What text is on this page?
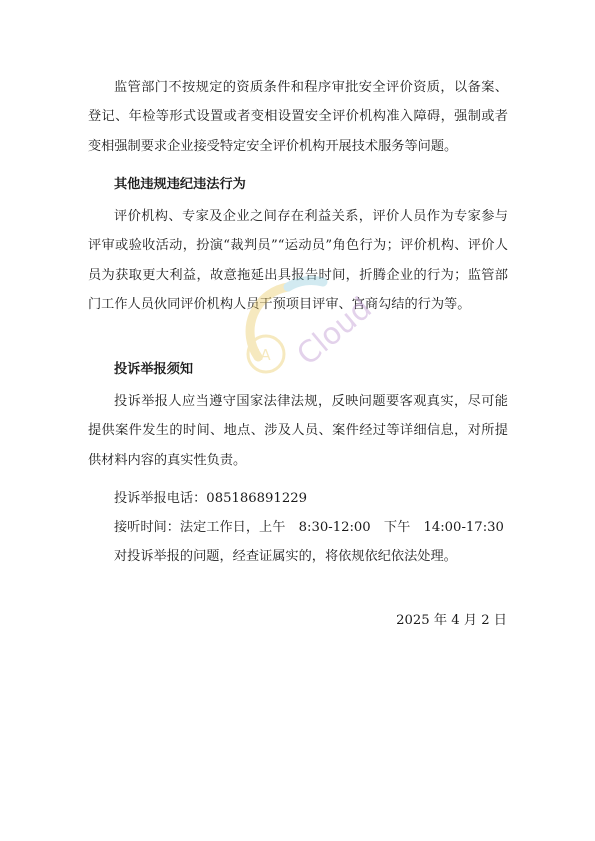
监管部门不按规定的资质条件和程序审批安全评价资质，以备案、登记、年检等形式设置或者变相设置安全评价机构准入障碍，强制或者变相强制要求企业接受特定安全评价机构开展技术服务等问题。

其他违规违纪违法行为

评价机构、专家及企业之间存在利益关系，评价人员作为专家参与评审或验收活动，扮演“裁判员”“运动员”角色行为；评价机构、评价人员为获取更大利益，故意拖延出具报告时间，折腾企业的行为；监管部门工作人员伙同评价机构人员干预项目评审、官商勾结的行为等。

投诉举报须知

投诉举报人应当遵守国家法律法规，反映问题要客观真实，尽可能提供案件发生的时间、地点、涉及人员、案件经过等详细信息，对所提供材料内容的真实性负责。

投诉举报电话：085186891229

接听时间：法定工作日，上午　8:30-12:00　下午　14:00-17:30

对投诉举报的问题，经查证属实的，将依规依纪依法处理。

2025 年 4 月 2 日

IA Cloud
